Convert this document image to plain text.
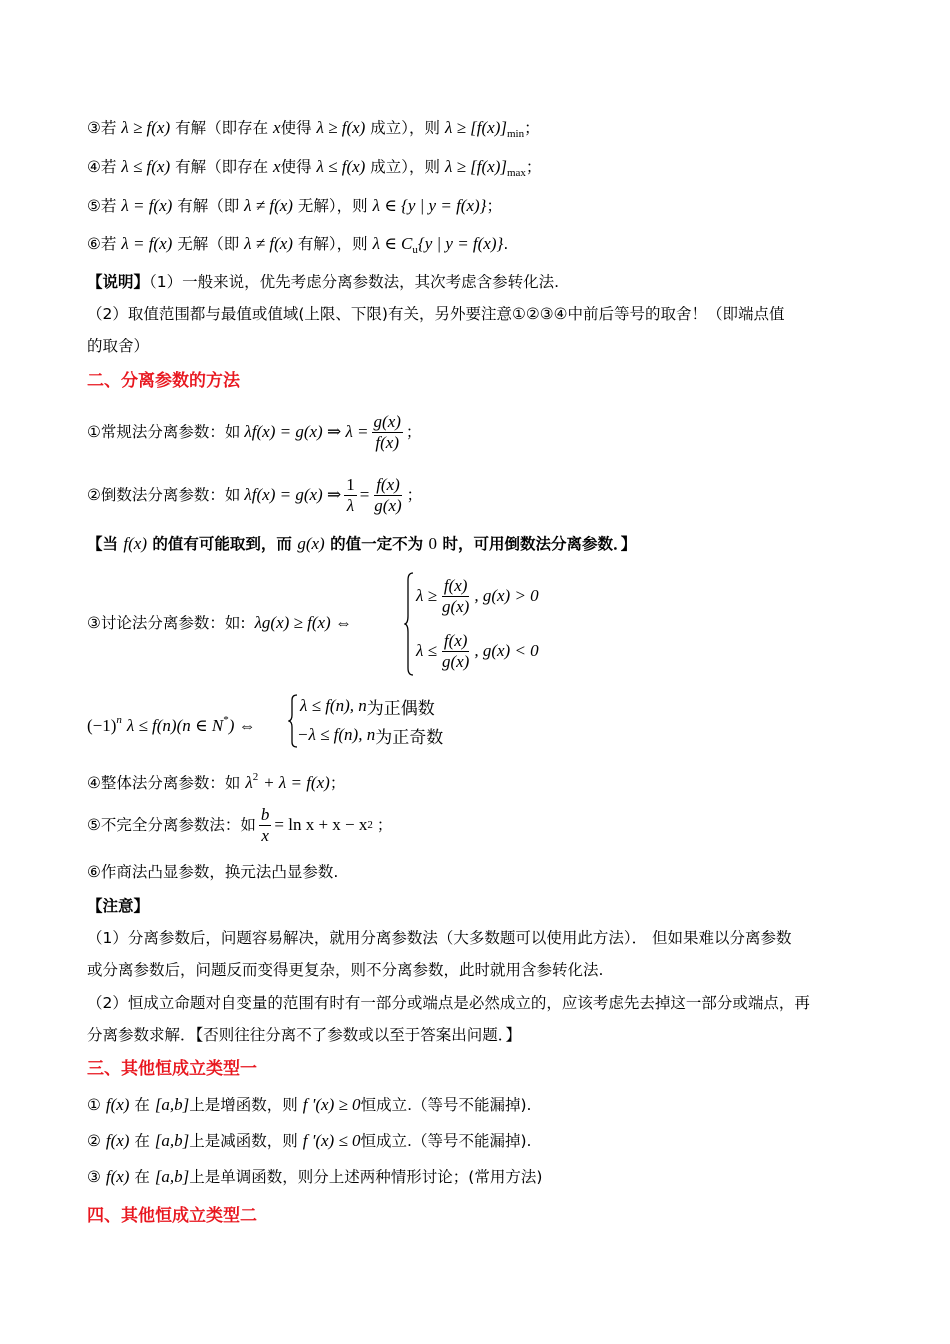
③若 λ ≥ f(x) 有解（即存在 x使得 λ ≥ f(x) 成立），则 $\lambda \ge [f(x)]_{min}$；
④若 λ ≤ f(x) 有解（即存在 x使得 λ ≤ f(x) 成立），则 $\lambda \ge [f(x)]_{max}$；
⑤若 λ = f(x) 有解（即 λ ≠ f(x) 无解），则 λ ∈ {y | y = f(x)}；
⑥若 λ = f(x) 无解（即 λ ≠ f(x) 有解），则 λ ∈ $C_u\{y$ | y = f(x)}.
【说明】（1）一般来说，优先考虑分离参数法，其次考虑含参转化法.
（2）取值范围都与最值或值域(上限、下限)有关，另外要注意①②③④中前后等号的取舍！（即端点值
的取舍）
二、分离参数的方法
①常规法分离参数：如 λf(x) = g(x) ⇒ $\lambda = \frac{g(x)}{f(x)}$ ；
②倒数法分离参数：如 λf(x) = g(x) ⇒ $\frac{1}{\lambda} = \frac{f(x)}{g(x)}$ ；
【当 f(x) 的值有可能取到，而 g(x) 的值一定不为 0 时，可用倒数法分离参数．】
③讨论法分离参数：如: λg(x) ≥ f(x) ⇔
$\lambda \ge \frac{f(x)}{g(x)}$ , g(x) > 0
$\lambda \le \frac{f(x)}{g(x)}$ , g(x) < 0
$(-1)^n$ λ ≤ f(n)(n ∈ N*) ⇔
λ ≤ f(n), n 为正偶数
−λ ≤ f(n), n 为正奇数
④整体法分离参数：如 $\lambda^2 + \lambda = f(x)$；
⑤不完全分离参数法：如 $\frac{b}{x} = \ln x + x - x$ 2 ；
⑥作商法凸显参数，换元法凸显参数.
【注意】
（1）分离参数后，问题容易解决，就用分离参数法（大多数题可以使用此方法）． 但如果难以分离参数
或分离参数后，问题反而变得更复杂，则不分离参数，此时就用含参转化法.
（2）恒成立命题对自变量的范围有时有一部分或端点是必然成立的，应该考虑先去掉这一部分或端点，再
分离参数求解．【否则往往分离不了参数或以至于答案出问题．】
三、其他恒成立类型一
① f(x) 在 [a,b]上是增函数，则 f '(x) ≥ 0恒成立.（等号不能漏掉).
② f(x) 在 [a,b]上是减函数，则 f '(x) ≤ 0恒成立.（等号不能漏掉).
③ f(x) 在 [a,b]上是单调函数，则分上述两种情形讨论；(常用方法)
四、其他恒成立类型二
